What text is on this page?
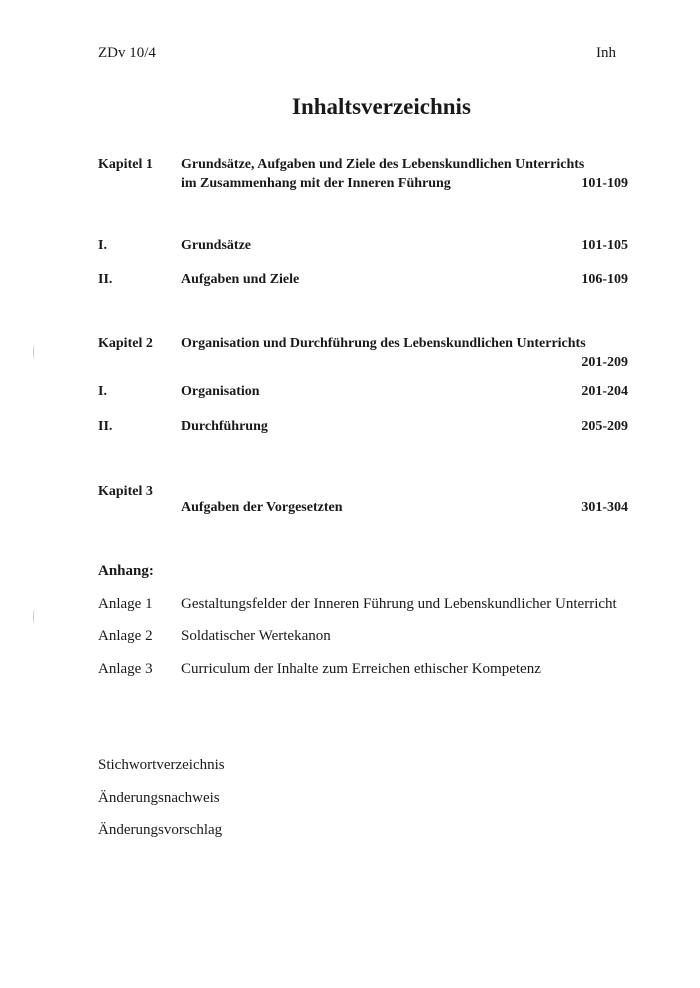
ZDv 10/4	Inh
Inhaltsverzeichnis
Kapitel 1 Grundsätze, Aufgaben und Ziele des Lebenskundlichen Unterrichts
im Zusammenhang mit der Inneren Führung	101-109
I.	Grundsätze	101-105
II.	Aufgaben und Ziele	106-109
Kapitel 2 Organisation und Durchführung des Lebenskundlichen Unterrichts
201-209
I.	Organisation	201-204
II.	Durchführung	205-209
Kapitel 3
Aufgaben der Vorgesetzten	301-304
Anhang:
Anlage 1 Gestaltungsfelder der Inneren Führung und Lebenskundlicher Unterricht
Anlage 2 Soldatischer Wertekanon
Anlage 3 Curriculum der Inhalte zum Erreichen ethischer Kompetenz
Stichwortverzeichnis
Änderungsnachweis
Änderungsvorschlag
